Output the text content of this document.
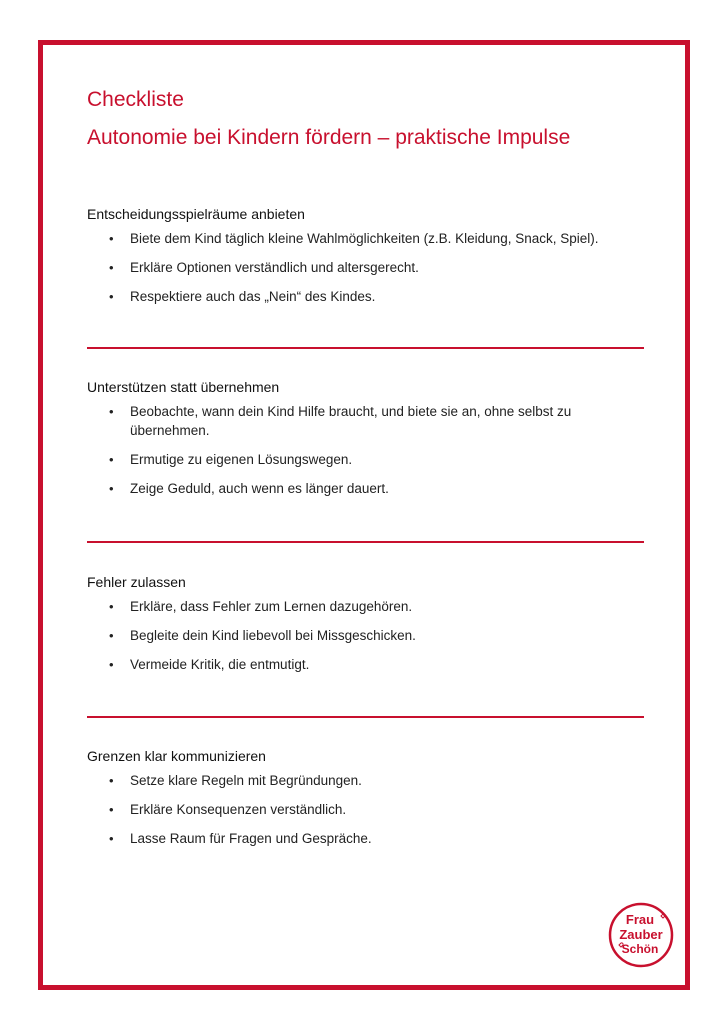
Checkliste
Autonomie bei Kindern fördern – praktische Impulse
Entscheidungsspielräume anbieten
• Biete dem Kind täglich kleine Wahlmöglichkeiten (z.B. Kleidung, Snack, Spiel).
• Erkläre Optionen verständlich und altersgerecht.
• Respektiere auch das „Nein“ des Kindes.
Unterstützen statt übernehmen
• Beobachte, wann dein Kind Hilfe braucht, und biete sie an, ohne selbst zu übernehmen.
• Ermutige zu eigenen Lösungswegen.
• Zeige Geduld, auch wenn es länger dauert.
Fehler zulassen
• Erkläre, dass Fehler zum Lernen dazugehören.
• Begleite dein Kind liebevoll bei Missgeschicken.
• Vermeide Kritik, die entmutigt.
Grenzen klar kommunizieren
• Setze klare Regeln mit Begründungen.
• Erkläre Konsequenzen verständlich.
• Lasse Raum für Fragen und Gespräche.
Frau
Zauber
Schön
